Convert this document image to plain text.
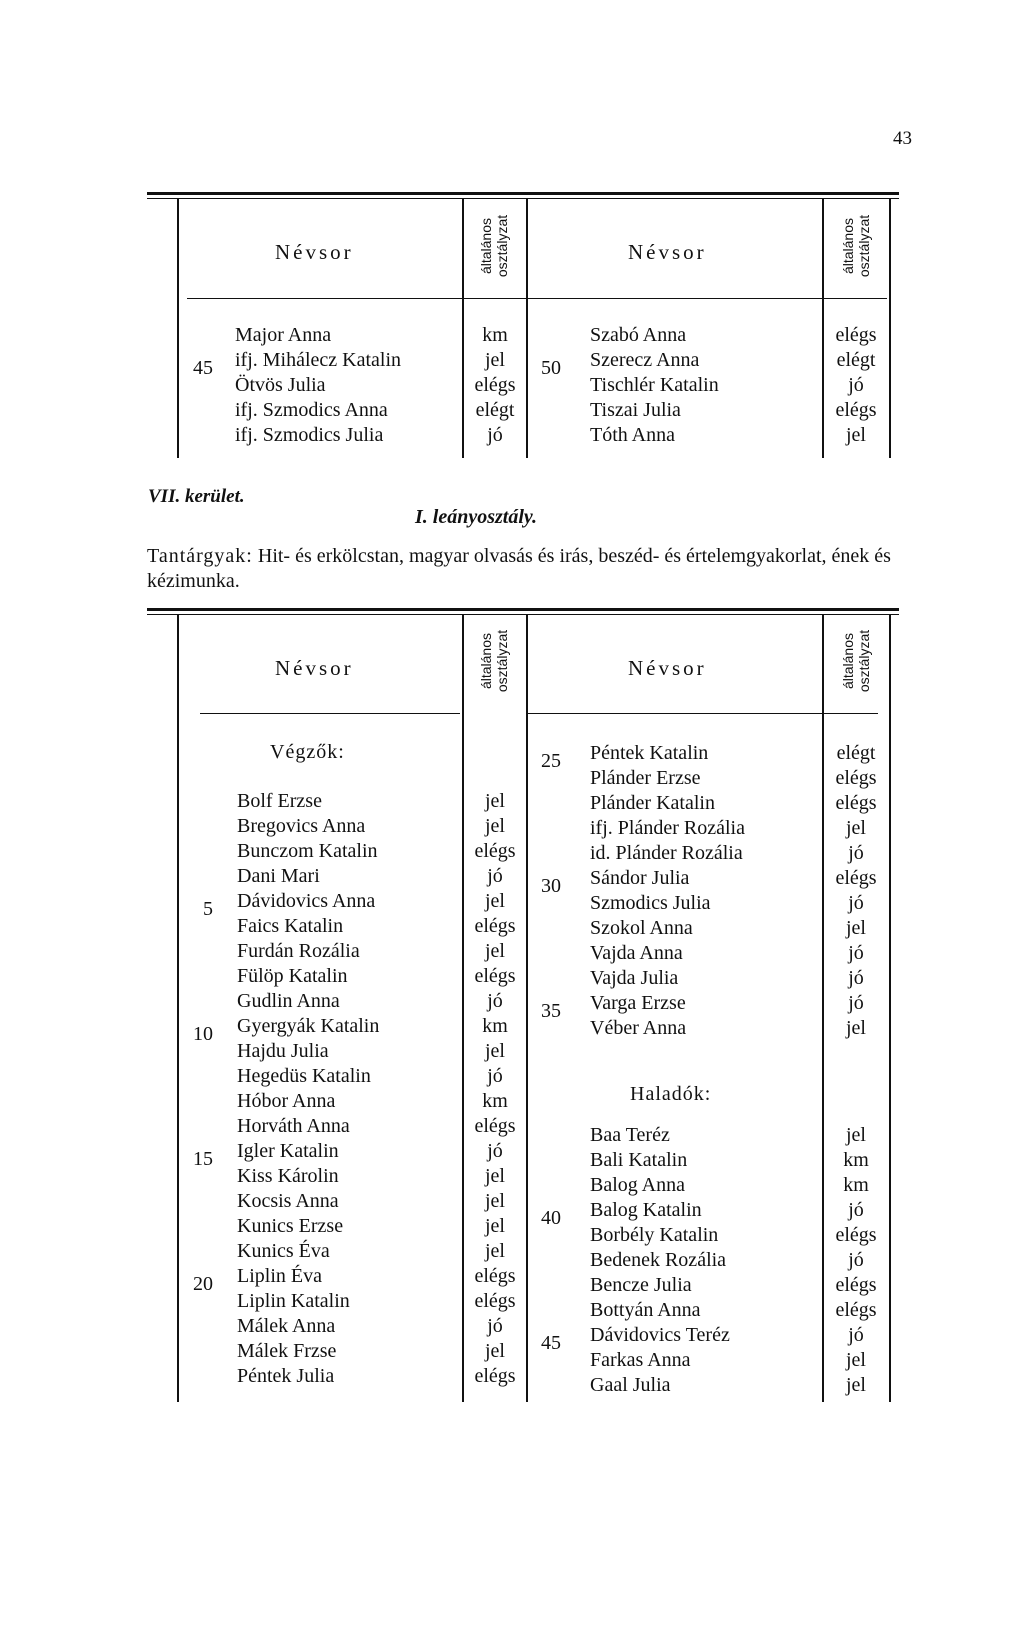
43
Névsor	általános osztályzat	Névsor	általános osztályzat
Major Anna	km
45 ifj. Mihálecz Katalin	jel
Ötvös Julia	elégs
ifj. Szmodics Anna	elégt
ifj. Szmodics Julia	jó
Szabó Anna	elégs
50 Szerecz Anna	elégt
Tischlér Katalin	jó
Tiszai Julia	elégs
Tóth Anna	jel
VII. kerület.
I. leányosztály.
Tantárgyak: Hit- és erkölcstan, magyar olvasás és irás, beszéd- és értelemgyakorlat, ének és kézimunka.
Névsor	általános osztályzat	Névsor	általános osztályzat
Végzők:
Haladók:
Bolf Erzse	jel
Bregovics Anna	jel
Bunczom Katalin	elégs
Dani Mari	jó
5 Dávidovics Anna	jel
Faics Katalin	elégs
Furdán Rozália	jel
Fülöp Katalin	elégs
Gudlin Anna	jó
10 Gyergyák Katalin	km
Hajdu Julia	jel
Hegedüs Katalin	jó
Hóbor Anna	km
Horváth Anna	elégs
15 Igler Katalin	jó
Kiss Károlin	jel
Kocsis Anna	jel
Kunics Erzse	jel
Kunics Éva	jel
20 Liplin Éva	elégs
Liplin Katalin	elégs
Málek Anna	jó
Málek Frzse	jel
Péntek Julia	elégs
25 Péntek Katalin	elégt
Plánder Erzse	elégs
Plánder Katalin	elégs
ifj. Plánder Rozália	jel
id. Plánder Rozália	jó
30 Sándor Julia	elégs
Szmodics Julia	jó
Szokol Anna	jel
Vajda Anna	jó
Vajda Julia	jó
35 Varga Erzse	jó
Véber Anna	jel
Baa Teréz	jel
Bali Katalin	km
Balog Anna	km
40 Balog Katalin	jó
Borbély Katalin	elégs
Bedenek Rozália	jó
Bencze Julia	elégs
Bottyán Anna	elégs
45 Dávidovics Teréz	jó
Farkas Anna	jel
Gaal Julia	jel
